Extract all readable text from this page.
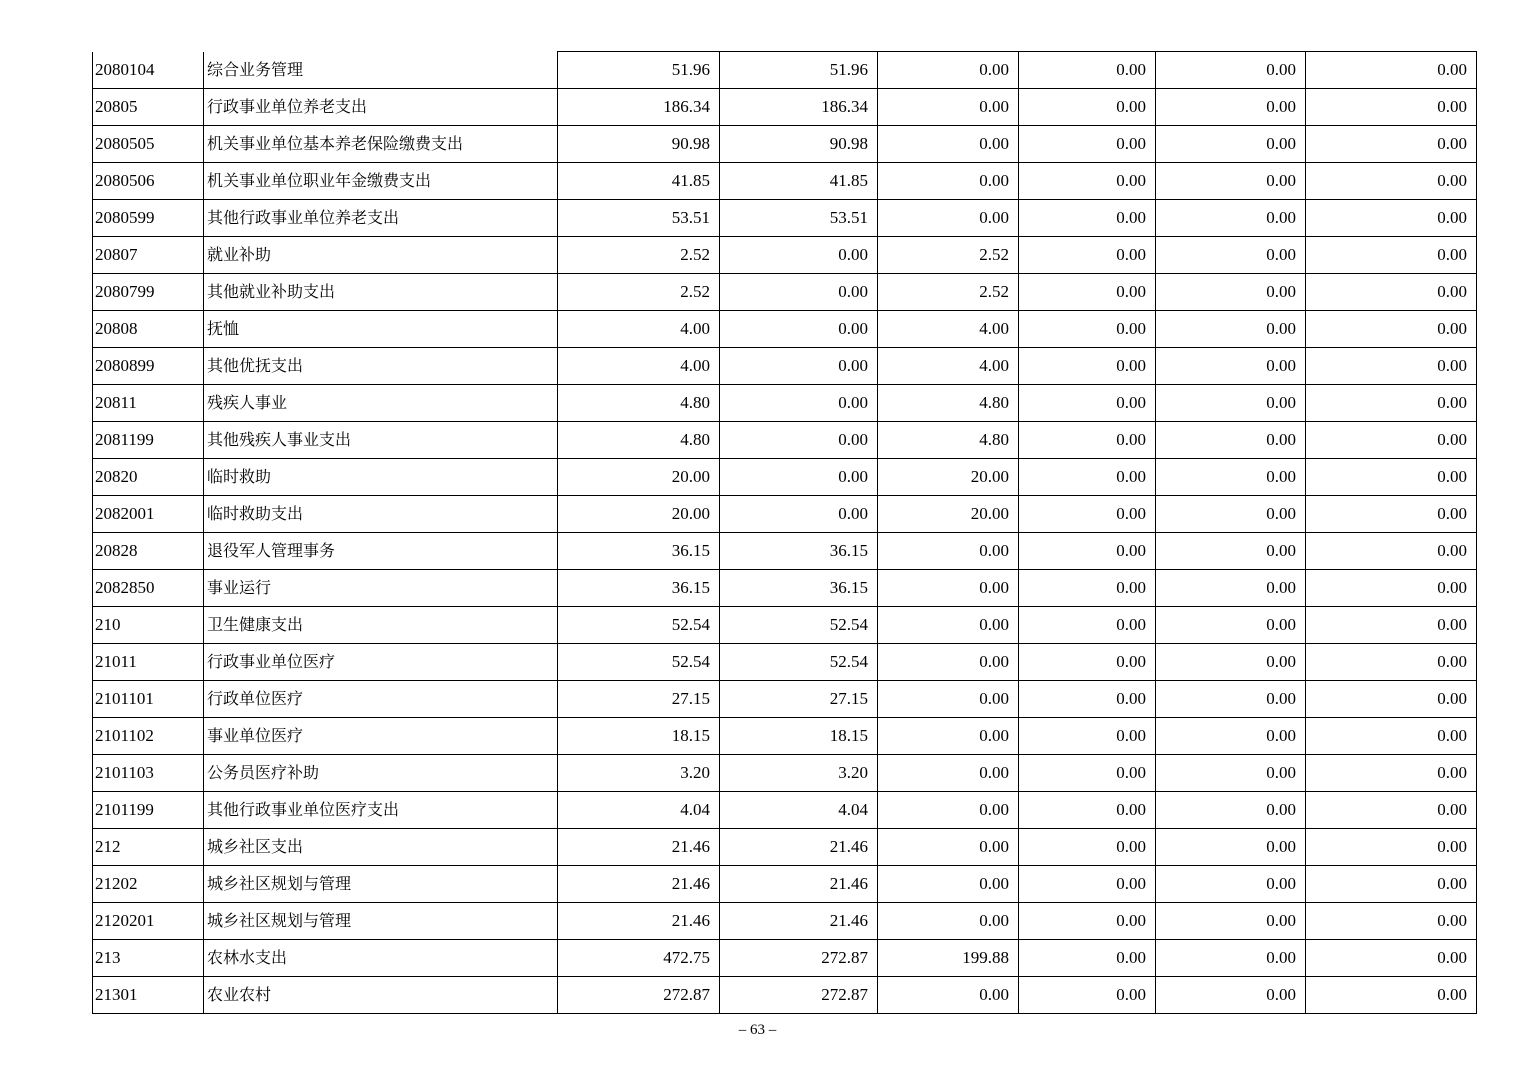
2080104	综合业务管理	51.96	51.96	0.00	0.00	0.00	0.00
20805	行政事业单位养老支出	186.34	186.34	0.00	0.00	0.00	0.00
2080505	机关事业单位基本养老保险缴费支出	90.98	90.98	0.00	0.00	0.00	0.00
2080506	机关事业单位职业年金缴费支出	41.85	41.85	0.00	0.00	0.00	0.00
2080599	其他行政事业单位养老支出	53.51	53.51	0.00	0.00	0.00	0.00
20807	就业补助	2.52	0.00	2.52	0.00	0.00	0.00
2080799	其他就业补助支出	2.52	0.00	2.52	0.00	0.00	0.00
20808	抚恤	4.00	0.00	4.00	0.00	0.00	0.00
2080899	其他优抚支出	4.00	0.00	4.00	0.00	0.00	0.00
20811	残疾人事业	4.80	0.00	4.80	0.00	0.00	0.00
2081199	其他残疾人事业支出	4.80	0.00	4.80	0.00	0.00	0.00
20820	临时救助	20.00	0.00	20.00	0.00	0.00	0.00
2082001	临时救助支出	20.00	0.00	20.00	0.00	0.00	0.00
20828	退役军人管理事务	36.15	36.15	0.00	0.00	0.00	0.00
2082850	事业运行	36.15	36.15	0.00	0.00	0.00	0.00
210	卫生健康支出	52.54	52.54	0.00	0.00	0.00	0.00
21011	行政事业单位医疗	52.54	52.54	0.00	0.00	0.00	0.00
2101101	行政单位医疗	27.15	27.15	0.00	0.00	0.00	0.00
2101102	事业单位医疗	18.15	18.15	0.00	0.00	0.00	0.00
2101103	公务员医疗补助	3.20	3.20	0.00	0.00	0.00	0.00
2101199	其他行政事业单位医疗支出	4.04	4.04	0.00	0.00	0.00	0.00
212	城乡社区支出	21.46	21.46	0.00	0.00	0.00	0.00
21202	城乡社区规划与管理	21.46	21.46	0.00	0.00	0.00	0.00
2120201	城乡社区规划与管理	21.46	21.46	0.00	0.00	0.00	0.00
213	农林水支出	472.75	272.87	199.88	0.00	0.00	0.00
21301	农业农村	272.87	272.87	0.00	0.00	0.00	0.00
– 63 –
